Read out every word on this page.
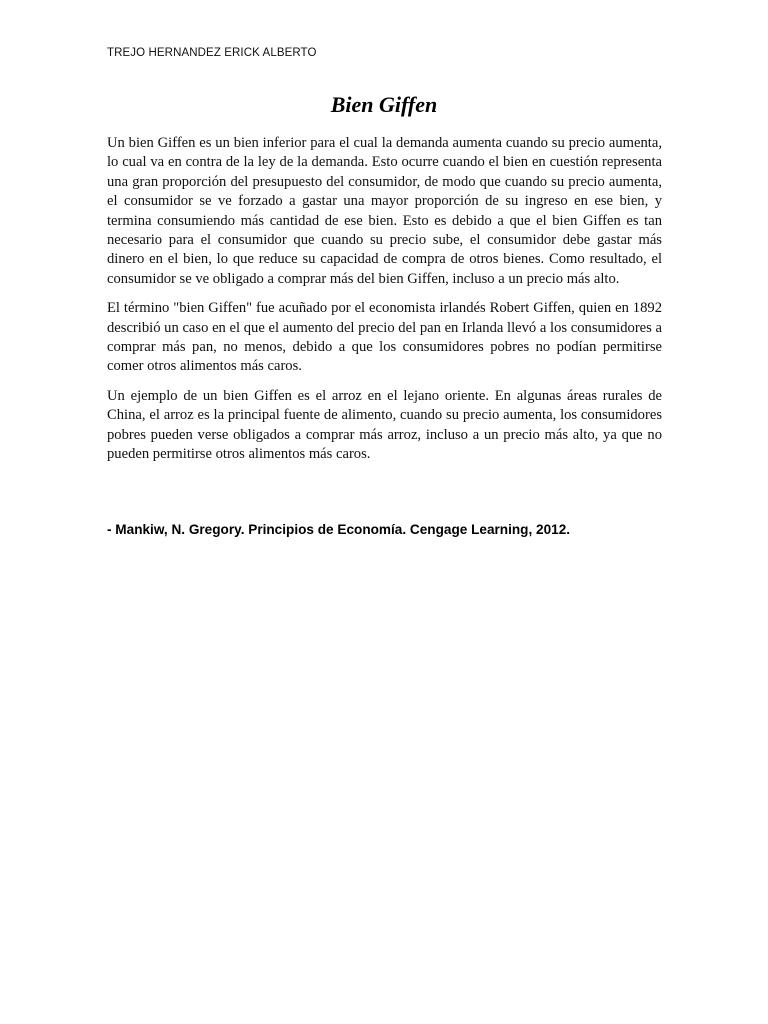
TREJO HERNANDEZ ERICK ALBERTO
Bien Giffen

Un bien Giffen es un bien inferior para el cual la demanda aumenta cuando su precio aumenta, lo cual va en contra de la ley de la demanda. Esto ocurre cuando el bien en cuestión representa una gran proporción del presupuesto del consumidor, de modo que cuando su precio aumenta, el consumidor se ve forzado a gastar una mayor proporción de su ingreso en ese bien, y termina consumiendo más cantidad de ese bien. Esto es debido a que el bien Giffen es tan necesario para el consumidor que cuando su precio sube, el consumidor debe gastar más dinero en el bien, lo que reduce su capacidad de compra de otros bienes. Como resultado, el consumidor se ve obligado a comprar más del bien Giffen, incluso a un precio más alto.

El término "bien Giffen" fue acuñado por el economista irlandés Robert Giffen, quien en 1892 describió un caso en el que el aumento del precio del pan en Irlanda llevó a los consumidores a comprar más pan, no menos, debido a que los consumidores pobres no podían permitirse comer otros alimentos más caros.

Un ejemplo de un bien Giffen es el arroz en el lejano oriente. En algunas áreas rurales de China, el arroz es la principal fuente de alimento, cuando su precio aumenta, los consumidores pobres pueden verse obligados a comprar más arroz, incluso a un precio más alto, ya que no pueden permitirse otros alimentos más caros.

- Mankiw, N. Gregory. Principios de Economía. Cengage Learning, 2012.
